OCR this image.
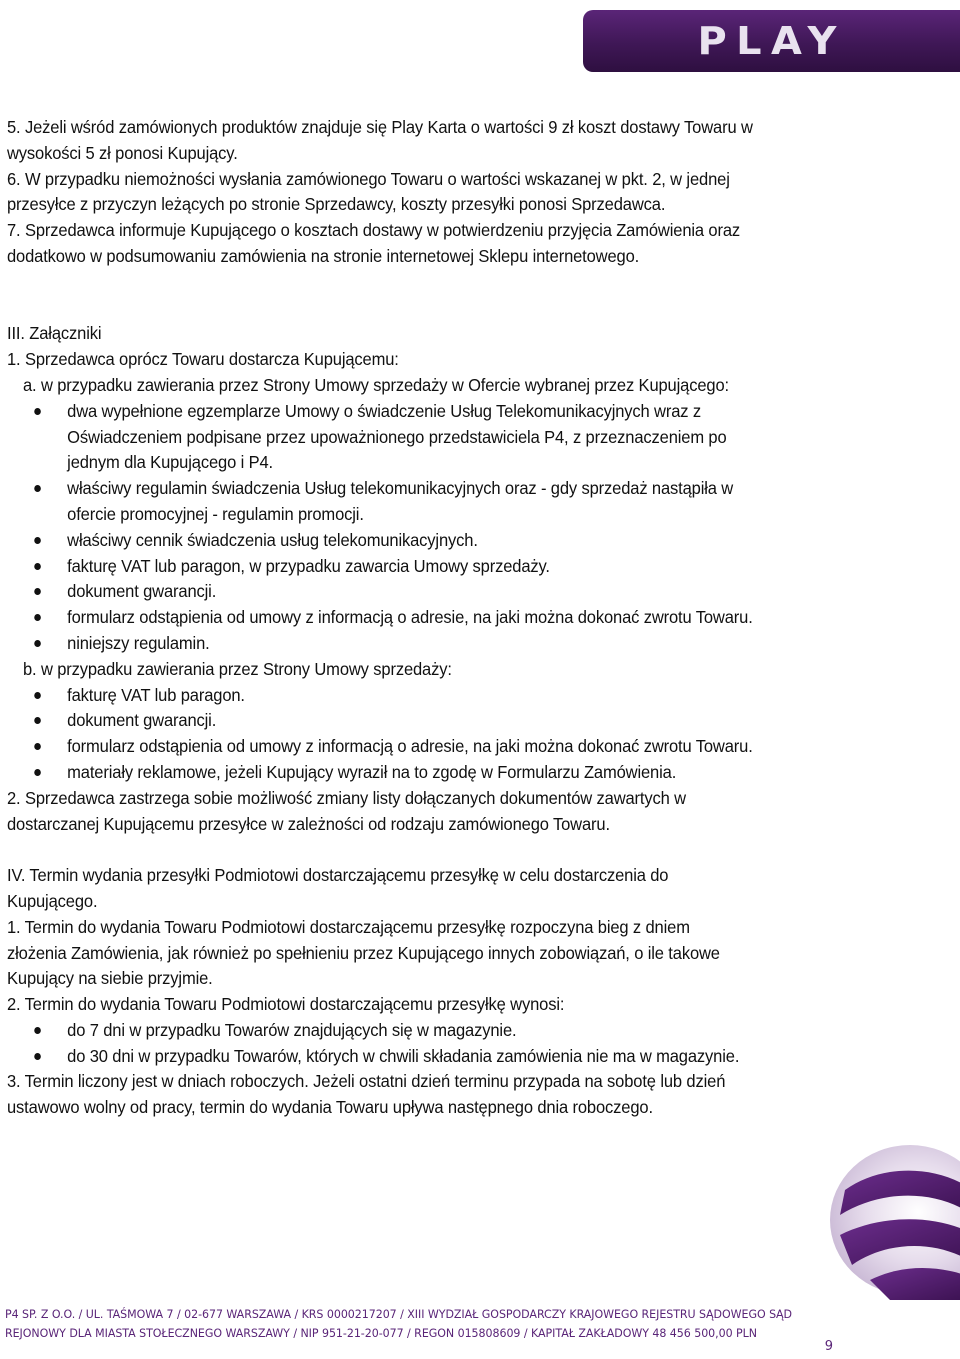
PLAY

5. Jeżeli wśród zamówionych produktów znajduje się Play Karta o wartości 9 zł koszt dostawy Towaru w

wysokości 5 zł ponosi Kupujący.

6. W przypadku niemożności wysłania zamówionego Towaru o wartości wskazanej w pkt. 2, w jednej

przesyłce z przyczyn leżących po stronie Sprzedawcy, koszty przesyłki ponosi Sprzedawca.

7. Sprzedawca informuje Kupującego o kosztach dostawy w potwierdzeniu przyjęcia Zamówienia oraz

dodatkowo w podsumowaniu zamówienia na stronie internetowej Sklepu internetowego.

III. Załączniki

1. Sprzedawca oprócz Towaru dostarcza Kupującemu:

a. w przypadku zawierania przez Strony Umowy sprzedaży w Ofercie wybranej przez Kupującego:

dwa wypełnione egzemplarze Umowy o świadczenie Usług Telekomunikacyjnych wraz z
Oświadczeniem podpisane przez upoważnionego przedstawiciela P4, z przeznaczeniem po
jednym dla Kupującego i P4.
właściwy regulamin świadczenia Usług telekomunikacyjnych oraz - gdy sprzedaż nastąpiła w
ofercie promocyjnej - regulamin promocji.
właściwy cennik świadczenia usług telekomunikacyjnych.
fakturę VAT lub paragon, w przypadku zawarcia Umowy sprzedaży.
dokument gwarancji.
formularz odstąpienia od umowy z informacją o adresie, na jaki można dokonać zwrotu Towaru.
niniejszy regulamin.

b. w przypadku zawierania przez Strony Umowy sprzedaży:

fakturę VAT lub paragon.
dokument gwarancji.
formularz odstąpienia od umowy z informacją o adresie, na jaki można dokonać zwrotu Towaru.
materiały reklamowe, jeżeli Kupujący wyraził na to zgodę w Formularzu Zamówienia.

2. Sprzedawca zastrzega sobie możliwość zmiany listy dołączanych dokumentów zawartych w

dostarczanej Kupującemu przesyłce w zależności od rodzaju zamówionego Towaru.

IV. Termin wydania przesyłki Podmiotowi dostarczającemu przesyłkę w celu dostarczenia do

Kupującego.

1. Termin do wydania Towaru Podmiotowi dostarczającemu przesyłkę rozpoczyna bieg z dniem

złożenia Zamówienia, jak również po spełnieniu przez Kupującego innych zobowiązań, o ile takowe

Kupujący na siebie przyjmie.

2. Termin do wydania Towaru Podmiotowi dostarczającemu przesyłkę wynosi:

do 7 dni w przypadku Towarów znajdujących się w magazynie.
do 30 dni w przypadku Towarów, których w chwili składania zamówienia nie ma w magazynie.

3. Termin liczony jest w dniach roboczych. Jeżeli ostatni dzień terminu przypada na sobotę lub dzień

ustawowo wolny od pracy, termin do wydania Towaru upływa następnego dnia roboczego.

P4 SP. Z O.O. / UL. TAŚMOWA 7 / 02-677 WARSZAWA / KRS 0000217207 / XIII WYDZIAŁ GOSPODARCZY KRAJOWEGO REJESTRU SĄDOWEGO SĄD
REJONOWY DLA MIASTA STOŁECZNEGO WARSZAWY / NIP 951-21-20-077 / REGON 015808609 / KAPITAŁ ZAKŁADOWY 48 456 500,00 PLN
9
